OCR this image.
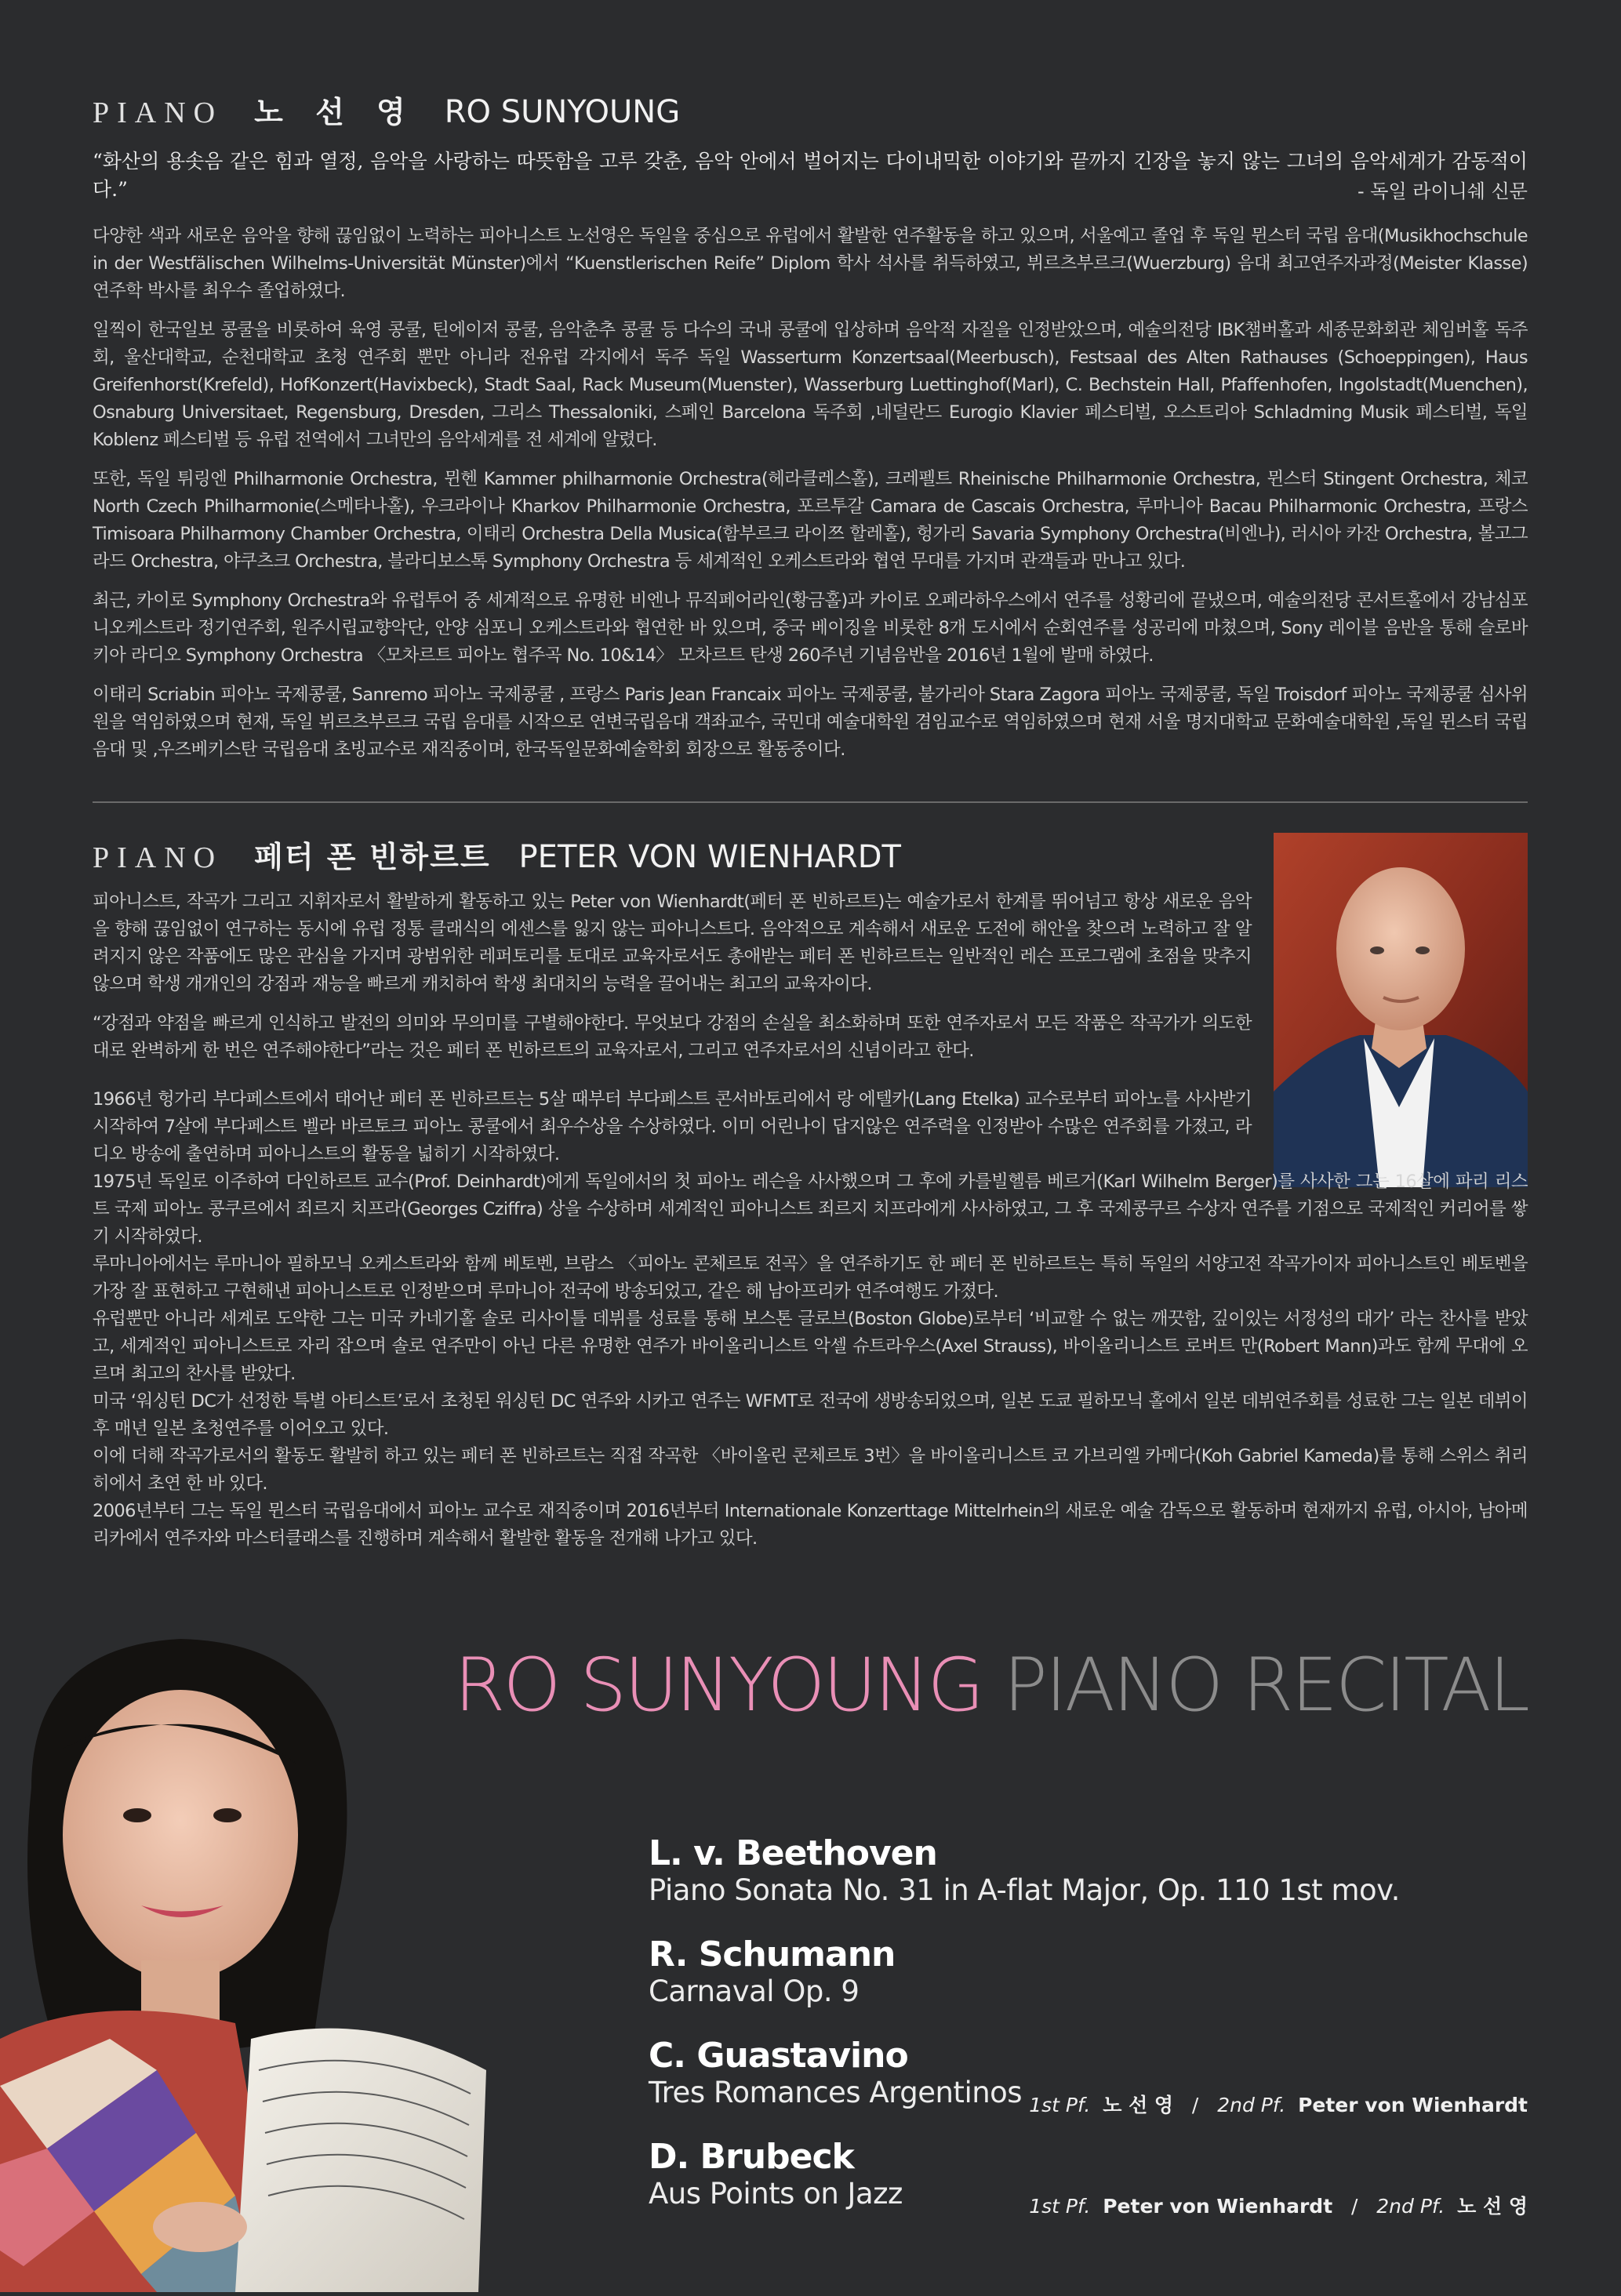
PIANO 노 선 영 RO SUNYOUNG
“화산의 용솟음 같은 힘과 열정, 음악을 사랑하는 따뜻함을 고루 갖춘, 음악 안에서 벌어지는 다이내믹한 이야기와 끝까지 긴장을 놓지 않는 그녀의 음악세계가 감동적이다.”	- 독일 라이니쉐 신문

다양한 색과 새로운 음악을 향해 끊임없이 노력하는 피아니스트 노선영은 독일을 중심으로 유럽에서 활발한 연주활동을 하고 있으며, 서울예고 졸업 후 독일 뮌스터 국립 음대(Musikhochschule in der Westfälischen Wilhelms-Universität Münster)에서 “Kuenstlerischen Reife” Diplom 학사 석사를 취득하였고, 뷔르츠부르크(Wuerzburg) 음대 최고연주자과정(Meister Klasse) 연주학 박사를 최우수 졸업하였다.

일찍이 한국일보 콩쿨을 비롯하여 육영 콩쿨, 틴에이저 콩쿨, 음악춘추 콩쿨 등 다수의 국내 콩쿨에 입상하며 음악적 자질을 인정받았으며, 예술의전당 IBK챔버홀과 세종문화회관 체임버홀 독주회, 울산대학교, 순천대학교 초청 연주회 뿐만 아니라 전유럽 각지에서 독주 독일 Wasserturm Konzertsaal(Meerbusch), Festsaal des Alten Rathauses (Schoeppingen), Haus Greifenhorst(Krefeld), HofKonzert(Havixbeck), Stadt Saal, Rack Museum(Muenster), Wasserburg Luettinghof(Marl), C. Bechstein Hall, Pfaffenhofen, Ingolstadt(Muenchen), Osnaburg Universitaet, Regensburg, Dresden, 그리스 Thessaloniki, 스페인 Barcelona 독주회 ,네덜란드 Eurogio Klavier 페스티벌, 오스트리아 Schladming Musik 페스티벌, 독일 Koblenz 페스티벌 등 유럽 전역에서 그녀만의 음악세계를 전 세계에 알렸다.

또한, 독일 튀링엔 Philharmonie Orchestra, 뮌헨 Kammer philharmonie Orchestra(헤라클레스홀), 크레펠트 Rheinische Philharmonie Orchestra, 뮌스터 Stingent Orchestra, 체코 North Czech Philharmonie(스메타나홀), 우크라이나 Kharkov Philharmonie Orchestra, 포르투갈 Camara de Cascais Orchestra, 루마니아 Bacau Philharmonic Orchestra, 프랑스 Timisoara Philharmony Chamber Orchestra, 이태리 Orchestra Della Musica(함부르크 라이쯔 할레홀), 헝가리 Savaria Symphony Orchestra(비엔나), 러시아 카잔 Orchestra, 볼고그라드 Orchestra, 야쿠츠크 Orchestra, 블라디보스톡 Symphony Orchestra 등 세계적인 오케스트라와 협연 무대를 가지며 관객들과 만나고 있다.

최근, 카이로 Symphony Orchestra와 유럽투어 중 세계적으로 유명한 비엔나 뮤직페어라인(황금홀)과 카이로 오페라하우스에서 연주를 성황리에 끝냈으며, 예술의전당 콘서트홀에서 강남심포니오케스트라 정기연주회, 원주시립교향악단, 안양 심포니 오케스트라와 협연한 바 있으며, 중국 베이징을 비롯한 8개 도시에서 순회연주를 성공리에 마쳤으며, Sony 레이블 음반을 통해 슬로바키아 라디오 Symphony Orchestra 〈모차르트 피아노 협주곡 No. 10&14〉 모차르트 탄생 260주년 기념음반을 2016년 1월에 발매 하였다.

이태리 Scriabin 피아노 국제콩쿨, Sanremo 피아노 국제콩쿨 , 프랑스 Paris Jean Francaix 피아노 국제콩쿨, 불가리아 Stara Zagora 피아노 국제콩쿨, 독일 Troisdorf 피아노 국제콩쿨 심사위원을 역임하였으며 현재, 독일 뷔르츠부르크 국립 음대를 시작으로 연변국립음대 객좌교수, 국민대 예술대학원 겸임교수로 역임하였으며 현재 서울 명지대학교 문화예술대학원 ,독일 뮌스터 국립음대 및 ,우즈베키스탄 국립음대 초빙교수로 재직중이며, 한국독일문화예술학회 회장으로 활동중이다.

PIANO 페터 폰 빈하르트 PETER VON WIENHARDT

피아니스트, 작곡가 그리고 지휘자로서 활발하게 활동하고 있는 Peter von Wienhardt(페터 폰 빈하르트)는 예술가로서 한계를 뛰어넘고 항상 새로운 음악을 향해 끊임없이 연구하는 동시에 유럽 정통 클래식의 에센스를 잃지 않는 피아니스트다. 음악적으로 계속해서 새로운 도전에 해안을 찾으려 노력하고 잘 알려지지 않은 작품에도 많은 관심을 가지며 광범위한 레퍼토리를 토대로 교육자로서도 총애받는 페터 폰 빈하르트는 일반적인 레슨 프로그램에 초점을 맞추지 않으며 학생 개개인의 강점과 재능을 빠르게 캐치하여 학생 최대치의 능력을 끌어내는 최고의 교육자이다.

“강점과 약점을 빠르게 인식하고 발전의 의미와 무의미를 구별해야한다. 무엇보다 강점의 손실을 최소화하며 또한 연주자로서 모든 작품은 작곡가가 의도한 대로 완벽하게 한 번은 연주해야한다”라는 것은 페터 폰 빈하르트의 교육자로서, 그리고 연주자로서의 신념이라고 한다.

1966년 헝가리 부다페스트에서 태어난 페터 폰 빈하르트는 5살 때부터 부다페스트 콘서바토리에서 랑 에텔카(Lang Etelka) 교수로부터 피아노를 사사받기 시작하여 7살에 부다페스트 벨라 바르토크 피아노 콩쿨에서 최우수상을 수상하였다. 이미 어린나이 답지않은 연주력을 인정받아 수많은 연주회를 가졌고, 라디오 방송에 출연하며 피아니스트의 활동을 넓히기 시작하였다.

1975년 독일로 이주하여 다인하르트 교수(Prof. Deinhardt)에게 독일에서의 첫 피아노 레슨을 사사했으며 그 후에 카를빌헬름 베르거(Karl Wilhelm Berger)를 사사한 그는 16살에 파리 리스트 국제 피아노 콩쿠르에서 죄르지 치프라(Georges Cziffra) 상을 수상하며 세계적인 피아니스트 죄르지 치프라에게 사사하였고, 그 후 국제콩쿠르 수상자 연주를 기점으로 국제적인 커리어를 쌓기 시작하였다.

루마니아에서는 루마니아 필하모닉 오케스트라와 함께 베토벤, 브람스 〈피아노 콘체르토 전곡〉을 연주하기도 한 페터 폰 빈하르트는 특히 독일의 서양고전 작곡가이자 피아니스트인 베토벤을 가장 잘 표현하고 구현해낸 피아니스트로 인정받으며 루마니아 전국에 방송되었고, 같은 해 남아프리카 연주여행도 가졌다.

유럽뿐만 아니라 세계로 도약한 그는 미국 카네기홀 솔로 리사이틀 데뷔를 성료를 통해 보스톤 글로브(Boston Globe)로부터 ‘비교할 수 없는 깨끗함, 깊이있는 서정성의 대가’ 라는 찬사를 받았고, 세계적인 피아니스트로 자리 잡으며 솔로 연주만이 아닌 다른 유명한 연주가 바이올리니스트 악셀 슈트라우스(Axel Strauss), 바이올리니스트 로버트 만(Robert Mann)과도 함께 무대에 오르며 최고의 찬사를 받았다.

미국 ‘워싱턴 DC가 선정한 특별 아티스트’로서 초청된 워싱턴 DC 연주와 시카고 연주는 WFMT로 전국에 생방송되었으며, 일본 도쿄 필하모닉 홀에서 일본 데뷔연주회를 성료한 그는 일본 데뷔이후 매년 일본 초청연주를 이어오고 있다.

이에 더해 작곡가로서의 활동도 활발히 하고 있는 페터 폰 빈하르트는 직접 작곡한 〈바이올린 콘체르토 3번〉을 바이올리니스트 코 가브리엘 카메다(Koh Gabriel Kameda)를 통해 스위스 취리히에서 초연 한 바 있다.

2006년부터 그는 독일 뮌스터 국립음대에서 피아노 교수로 재직중이며 2016년부터 Internationale Konzerttage Mittelrhein의 새로운 예술 감독으로 활동하며 현재까지 유럽, 아시아, 남아메리카에서 연주자와 마스터클래스를 진행하며 계속해서 활발한 활동을 전개해 나가고 있다.

RO SUNYOUNG PIANO RECITAL
L. v. Beethoven
Piano Sonata No. 31 in A-flat Major, Op. 110 1st mov.
R. Schumann
Carnaval Op. 9
C. Guastavino
Tres Romances Argentinos 1st Pf. 노 선 영 / 2nd Pf. Peter von Wienhardt
D. Brubeck
Aus Points on Jazz	1st Pf. Peter von Wienhardt / 2nd Pf. 노 선 영
